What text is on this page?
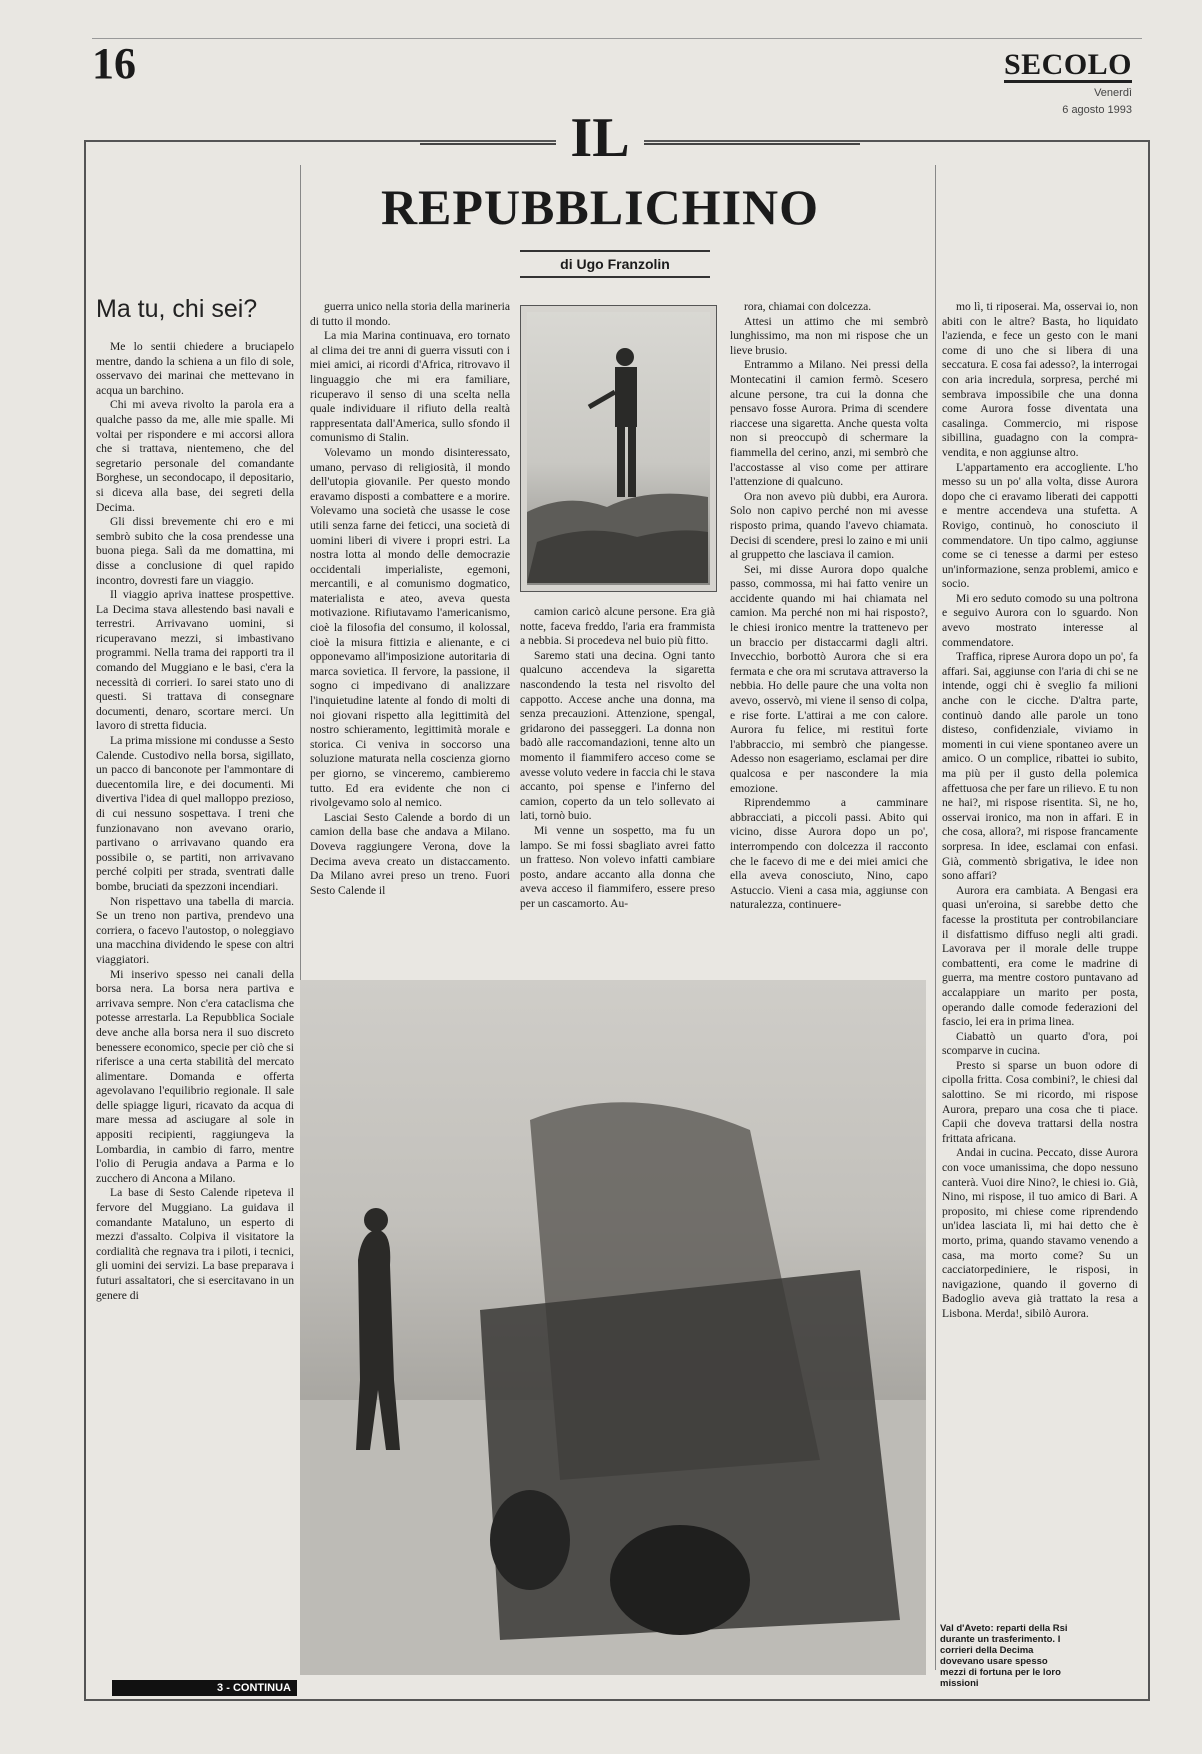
16	SECOLO
Venerdì
6 agosto 1993
IL
REPUBBLICHINO
di Ugo Franzolin
Ma tu, chi sei?

Me lo sentii chiedere a bruciapelo mentre, dando la schiena a un filo di sole, osservavo dei marinai che mettevano in acqua un barchino.

Chi mi aveva rivolto la parola era a qualche passo da me, alle mie spalle. Mi voltai per rispondere e mi accorsi allora che si trattava, nientemeno, che del segretario personale del comandante Borghese, un secondocapo, il depositario, si diceva alla base, dei segreti della Decima.

Gli dissi brevemente chi ero e mi sembrò subito che la cosa prendesse una buona piega. Salì da me domattina, mi disse a conclusione di quel rapido incontro, dovresti fare un viaggio.

Il viaggio apriva inattese prospettive. La Decima stava allestendo basi navali e terrestri. Arrivavano uomini, si ricuperavano mezzi, si imbastivano programmi. Nella trama dei rapporti tra il comando del Muggiano e le basi, c'era la necessità di corrieri. Io sarei stato uno di questi. Si trattava di consegnare documenti, denaro, scortare merci. Un lavoro di stretta fiducia.

La prima missione mi condusse a Sesto Calende. Custodivo nella borsa, sigillato, un pacco di banconote per l'ammontare di duecentomila lire, e dei documenti. Mi divertiva l'idea di quel malloppo prezioso, di cui nessuno sospettava. I treni che funzionavano non avevano orario, partivano o arrivavano quando era possibile o, se partiti, non arrivavano perché colpiti per strada, sventrati dalle bombe, bruciati da spezzoni incendiari.

Non rispettavo una tabella di marcia. Se un treno non partiva, prendevo una corriera, o facevo l'autostop, o noleggiavo una macchina dividendo le spese con altri viaggiatori.

Mi inserivo spesso nei canali della borsa nera. La borsa nera partiva e arrivava sempre. Non c'era cataclisma che potesse arrestarla. La Repubblica Sociale deve anche alla borsa nera il suo discreto benessere economico, specie per ciò che si riferisce a una certa stabilità del mercato alimentare. Domanda e offerta agevolavano l'equilibrio regionale. Il sale delle spiagge liguri, ricavato da acqua di mare messa ad asciugare al sole in appositi recipienti, raggiungeva la Lombardia, in cambio di farro, mentre l'olio di Perugia andava a Parma e lo zucchero di Ancona a Milano.

La base di Sesto Calende ripeteva il fervore del Muggiano. La guidava il comandante Mataluno, un esperto di mezzi d'assalto. Colpiva il visitatore la cordialità che regnava tra i piloti, i tecnici, gli uomini dei servizi. La base preparava i futuri assaltatori, che si esercitavano in un genere di

guerra unico nella storia della marineria di tutto il mondo.

La mia Marina continuava, ero tornato al clima dei tre anni di guerra vissuti con i miei amici, ai ricordi d'Africa, ritrovavo il linguaggio che mi era familiare, ricuperavo il senso di una scelta nella quale individuare il rifiuto della realtà rappresentata dall'America, sullo sfondo il comunismo di Stalin.

Volevamo un mondo disinteressato, umano, pervaso di religiosità, il mondo dell'utopia giovanile. Per questo mondo eravamo disposti a combattere e a morire. Volevamo una società che usasse le cose utili senza farne dei feticci, una società di uomini liberi di vivere i propri estri. La nostra lotta al mondo delle democrazie occidentali imperialiste, egemoni, mercantili, e al comunismo dogmatico, materialista e ateo, aveva questa motivazione. Rifiutavamo l'americanismo, cioè la filosofia del consumo, il kolossal, cioè la misura fittizia e alienante, e ci opponevamo all'imposizione autoritaria di marca sovietica. Il fervore, la passione, il sogno ci impedivano di analizzare l'inquietudine latente al fondo di molti di noi giovani rispetto alla legittimità del nostro schieramento, legittimità morale e storica. Ci veniva in soccorso una soluzione maturata nella coscienza giorno per giorno, se vinceremo, cambieremo tutto. Ed era evidente che non ci rivolgevamo solo al nemico.

Lasciai Sesto Calende a bordo di un camion della base che andava a Milano. Doveva raggiungere Verona, dove la Decima aveva creato un distaccamento. Da Milano avrei preso un treno. Fuori Sesto Calende il

camion caricò alcune persone. Era già notte, faceva freddo, l'aria era frammista a nebbia. Si procedeva nel buio più fitto.

Saremo stati una decina. Ogni tanto qualcuno accendeva la sigaretta nascondendo la testa nel risvolto del cappotto. Accese anche una donna, ma senza precauzioni. Attenzione, spengal, gridarono dei passeggeri. La donna non badò alle raccomandazioni, tenne alto un momento il fiammifero acceso come se avesse voluto vedere in faccia chi le stava accanto, poi spense e l'inferno del camion, coperto da un telo sollevato ai lati, tornò buio.

Mi venne un sospetto, ma fu un lampo. Se mi fossi sbagliato avrei fatto un fratteso. Non volevo infatti cambiare posto, andare accanto alla donna che aveva acceso il fiammifero, essere preso per un cascamorto. Au-

rora, chiamai con dolcezza.

Attesi un attimo che mi sembrò lunghissimo, ma non mi rispose che un lieve brusio.

Entrammo a Milano. Nei pressi della Montecatini il camion fermò. Scesero alcune persone, tra cui la donna che pensavo fosse Aurora. Prima di scendere riaccese una sigaretta. Anche questa volta non si preoccupò di schermare la fiammella del cerino, anzi, mi sembrò che l'accostasse al viso come per attirare l'attenzione di qualcuno.

Ora non avevo più dubbi, era Aurora. Solo non capivo perché non mi avesse risposto prima, quando l'avevo chiamata. Decisi di scendere, presi lo zaino e mi unii al gruppetto che lasciava il camion.

Sei, mi disse Aurora dopo qualche passo, commossa, mi hai fatto venire un accidente quando mi hai chiamata nel camion. Ma perché non mi hai risposto?, le chiesi ironico mentre la trattenevo per un braccio per distaccarmi dagli altri. Invecchio, borbottò Aurora che si era fermata e che ora mi scrutava attraverso la nebbia. Ho delle paure che una volta non avevo, osservò, mi viene il senso di colpa, e rise forte. L'attirai a me con calore. Aurora fu felice, mi restituì forte l'abbraccio, mi sembrò che piangesse. Adesso non esageriamo, esclamai per dire qualcosa e per nascondere la mia emozione.

Riprendemmo a camminare abbracciati, a piccoli passi. Abito qui vicino, disse Aurora dopo un po', interrompendo con dolcezza il racconto che le facevo di me e dei miei amici che ella aveva conosciuto, Nino, capo Astuccio. Vieni a casa mia, aggiunse con naturalezza, continuere-

mo lì, ti riposerai. Ma, osservai io, non abiti con le altre? Basta, ho liquidato l'azienda, e fece un gesto con le mani come di uno che si libera di una seccatura. E cosa fai adesso?, la interrogai con aria incredula, sorpresa, perché mi sembrava impossibile che una donna come Aurora fosse diventata una casalinga. Commercio, mi rispose sibillina, guadagno con la compra-vendita, e non aggiunse altro.

L'appartamento era accogliente. L'ho messo su un po' alla volta, disse Aurora dopo che ci eravamo liberati dei cappotti e mentre accendeva una stufetta. A Rovigo, continuò, ho conosciuto il commendatore. Un tipo calmo, aggiunse come se ci tenesse a darmi per esteso un'informazione, senza problemi, amico e socio.

Mi ero seduto comodo su una poltrona e seguivo Aurora con lo sguardo. Non avevo mostrato interesse al commendatore.

Traffica, riprese Aurora dopo un po', fa affari. Sai, aggiunse con l'aria di chi se ne intende, oggi chi è sveglio fa milioni anche con le cicche. D'altra parte, continuò dando alle parole un tono disteso, confidenziale, viviamo in momenti in cui viene spontaneo avere un amico. O un complice, ribattei io subito, ma più per il gusto della polemica affettuosa che per fare un rilievo. E tu non ne hai?, mi rispose risentita. Sì, ne ho, osservai ironico, ma non in affari. E in che cosa, allora?, mi rispose francamente sorpresa. In idee, esclamai con enfasi. Già, commentò sbrigativa, le idee non sono affari?

Aurora era cambiata. A Bengasi era quasi un'eroina, si sarebbe detto che facesse la prostituta per controbilanciare il disfattismo diffuso negli alti gradi. Lavorava per il morale delle truppe combattenti, era come le madrine di guerra, ma mentre costoro puntavano ad accalappiare un marito per posta, operando dalle comode federazioni del fascio, lei era in prima linea.

Ciabattò un quarto d'ora, poi scomparve in cucina.

Presto si sparse un buon odore di cipolla fritta. Cosa combini?, le chiesi dal salottino. Se mi ricordo, mi rispose Aurora, preparo una cosa che ti piace. Capii che doveva trattarsi della nostra frittata africana.

Andai in cucina. Peccato, disse Aurora con voce umanissima, che dopo nessuno canterà. Vuoi dire Nino?, le chiesi io. Già, Nino, mi rispose, il tuo amico di Bari. A proposito, mi chiese come riprendendo un'idea lasciata lì, mi hai detto che è morto, prima, quando stavamo venendo a casa, ma morto come? Su un cacciatorpediniere, le risposi, in navigazione, quando il governo di Badoglio aveva già trattato la resa a Lisbona. Merda!, sibilò Aurora.

Val d'Aveto: reparti della Rsi durante un trasferimento. I corrieri della Decima dovevano usare spesso mezzi di fortuna per le loro missioni
3 - CONTINUA
